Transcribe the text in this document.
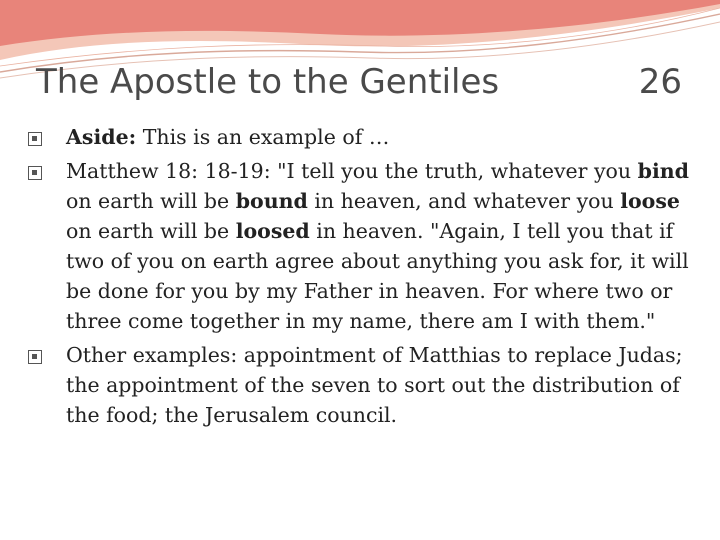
The Apostle to the Gentiles	26
Aside: This is an example of …
Matthew 18: 18-19: "I tell you the truth, whatever you bind on earth will be bound in heaven, and whatever you loose on earth will be loosed in heaven. "Again, I tell you that if two of you on earth agree about anything you ask for, it will be done for you by my Father in heaven. For where two or three come together in my name, there am I with them."
Other examples: appointment of Matthias to replace Judas; the appointment of the seven to sort out the distribution of the food; the Jerusalem council.
